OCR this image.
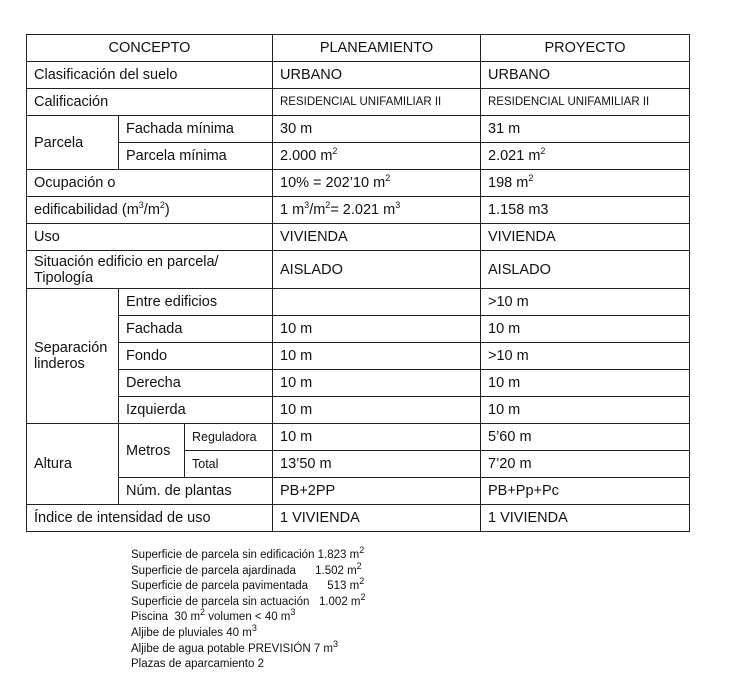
CONCEPTO			PLANEAMIENTO	PROYECTO
Clasificación del suelo			URBANO	URBANO
Calificación			RESIDENCIAL UNIFAMILIAR II	RESIDENCIAL UNIFAMILIAR II
Parcela	Fachada mínima		30 m	31 m
	Parcela mínima		2.000 $m^2$	2.021 $m^2$
Ocupación o			10% = 202’10 $m^2$	198 $m^2$
edificabilidad $(m^3/m^2)$			1 $m^3/m^2= 2.021$ $m^3$	1.158 m3
Uso			VIVIENDA	VIVIENDA
Situación edificio en parcela/ Tipología			AISLADO	AISLADO
Separación linderos	Entre edificios			>10 m
	Fachada		10 m	10 m
	Fondo		10 m	>10 m
	Derecha		10 m	10 m
	Izquierda		10 m	10 m
Altura	Metros	Reguladora	10 m	5’60 m
		Total	13’50 m	7’20 m
	Núm. de plantas		PB+2PP	PB+Pp+Pc
Índice de intensidad de uso			1 VIVIENDA	1 VIVIENDA
Superficie de parcela sin edificación 1.823 $m^2$
Superficie de parcela ajardinada      1.502 $m^2$
Superficie de parcela pavimentada      513 $m^2$
Superficie de parcela sin actuación   1.002 $m^2$
Piscina  30 $m^2$ volumen < 40 $m^3$
Aljibe de pluviales 40 $m^3$
Aljibe de agua potable PREVISIÓN 7 $m^3$
Plazas de aparcamiento 2
